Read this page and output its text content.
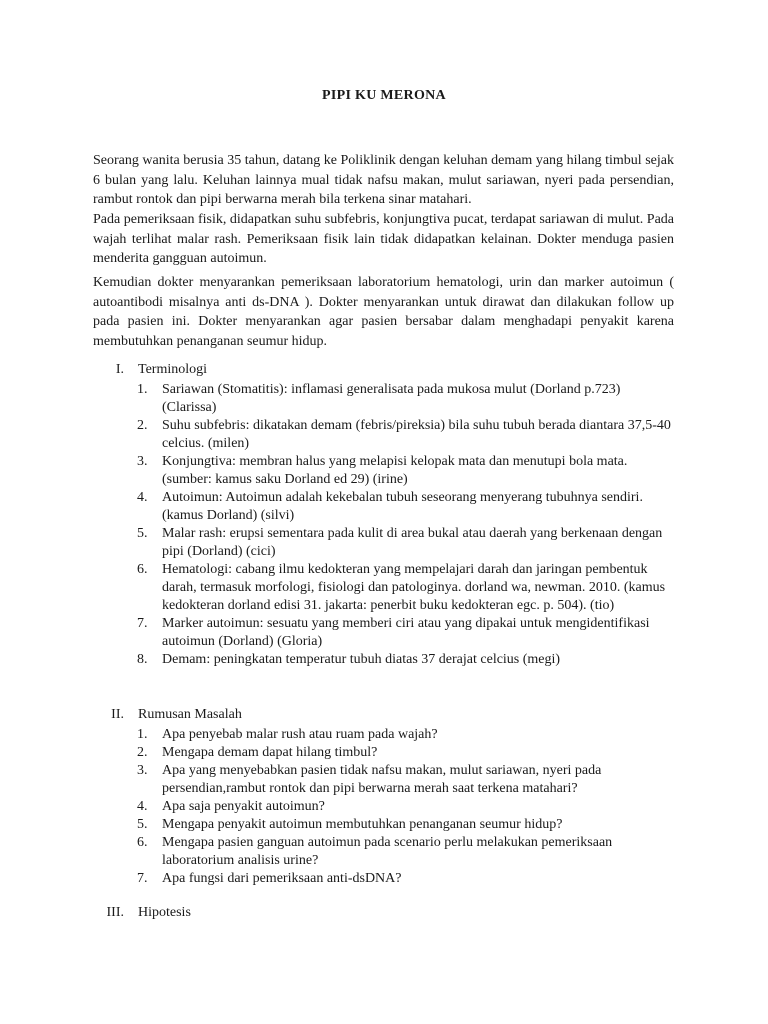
PIPI KU MERONA

Seorang wanita berusia 35 tahun, datang ke Poliklinik dengan keluhan demam yang hilang timbul sejak 6 bulan yang lalu. Keluhan lainnya mual tidak nafsu makan, mulut sariawan, nyeri pada persendian, rambut rontok dan pipi berwarna merah bila terkena sinar matahari.

Pada pemeriksaan fisik, didapatkan suhu subfebris, konjungtiva pucat, terdapat sariawan di mulut. Pada wajah terlihat malar rash. Pemeriksaan fisik lain tidak didapatkan kelainan. Dokter menduga pasien menderita gangguan autoimun.

Kemudian dokter menyarankan pemeriksaan laboratorium hematologi, urin dan marker autoimun ( autoantibodi misalnya anti ds-DNA ). Dokter menyarankan untuk dirawat dan dilakukan follow up pada pasien ini. Dokter menyarankan agar pasien bersabar dalam menghadapi penyakit karena membutuhkan penanganan seumur hidup.

I. Terminologi
1.	Sariawan (Stomatitis): inflamasi generalisata pada mukosa mulut (Dorland p.723) (Clarissa)
2.	Suhu subfebris: dikatakan demam (febris/pireksia) bila suhu tubuh berada diantara 37,5-40 celcius. (milen)
3.	Konjungtiva: membran halus yang melapisi kelopak mata dan menutupi bola mata. (sumber: kamus saku Dorland ed 29) (irine)
4.	Autoimun: Autoimun adalah kekebalan tubuh seseorang menyerang tubuhnya sendiri. (kamus Dorland) (silvi)
5.	Malar rash: erupsi sementara pada kulit di area bukal atau daerah yang berkenaan dengan pipi (Dorland) (cici)
6.	Hematologi: cabang ilmu kedokteran yang mempelajari darah dan jaringan pembentuk darah, termasuk morfologi, fisiologi dan patologinya. dorland wa, newman. 2010. (kamus kedokteran dorland edisi 31. jakarta: penerbit buku kedokteran egc. p. 504). (tio)
7.	Marker autoimun: sesuatu yang memberi ciri atau yang dipakai untuk mengidentifikasi autoimun (Dorland) (Gloria)
8.	Demam: peningkatan temperatur tubuh diatas 37 derajat celcius (megi)
II. Rumusan Masalah
1.	Apa penyebab malar rush atau ruam pada wajah?
2.	Mengapa demam dapat hilang timbul?
3.	Apa yang menyebabkan pasien tidak nafsu makan, mulut sariawan, nyeri pada persendian,rambut rontok dan pipi berwarna merah saat terkena matahari?
4.	Apa saja penyakit autoimun?
5.	Mengapa penyakit autoimun membutuhkan penanganan seumur hidup?
6.	Mengapa pasien ganguan autoimun pada scenario perlu melakukan pemeriksaan laboratorium analisis urine?
7.	Apa fungsi dari pemeriksaan anti-dsDNA?
III. Hipotesis
